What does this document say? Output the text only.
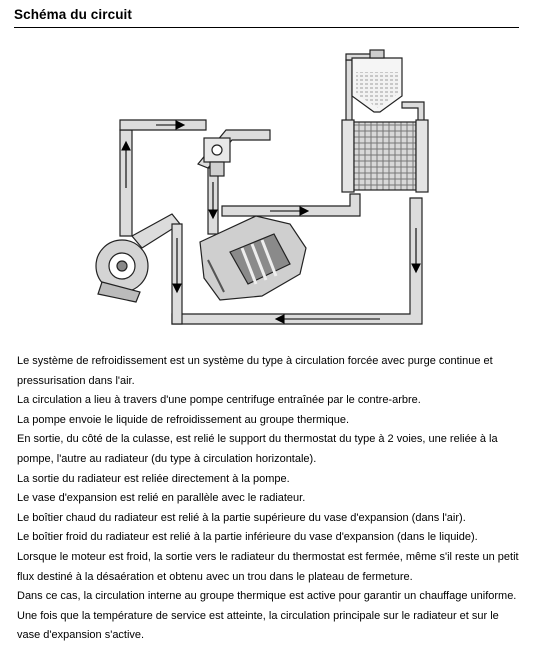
Schéma du circuit

Le système de refroidissement est un système du type à circulation forcée avec purge continue et pressurisation dans l'air.

La circulation a lieu à travers d'une pompe centrifuge entraînée par le contre-arbre.

La pompe envoie le liquide de refroidissement au groupe thermique.

En sortie, du côté de la culasse, est relié le support du thermostat du type à 2 voies, une reliée à la pompe, l'autre au radiateur (du type à circulation horizontale).

La sortie du radiateur est reliée directement à la pompe.

Le vase d'expansion est relié en parallèle avec le radiateur.

Le boîtier chaud du radiateur est relié à la partie supérieure du vase d'expansion (dans l'air).

Le boîtier froid du radiateur est relié à la partie inférieure du vase d'expansion (dans le liquide).

Lorsque le moteur est froid, la sortie vers le radiateur du thermostat est fermée, même s'il reste un petit flux destiné à la désaération et obtenu avec un trou dans le plateau de fermeture.

Dans ce cas, la circulation interne au groupe thermique est active pour garantir un chauffage uniforme.

Une fois que la température de service est atteinte, la circulation principale sur le radiateur et sur le vase d'expansion s'active.
